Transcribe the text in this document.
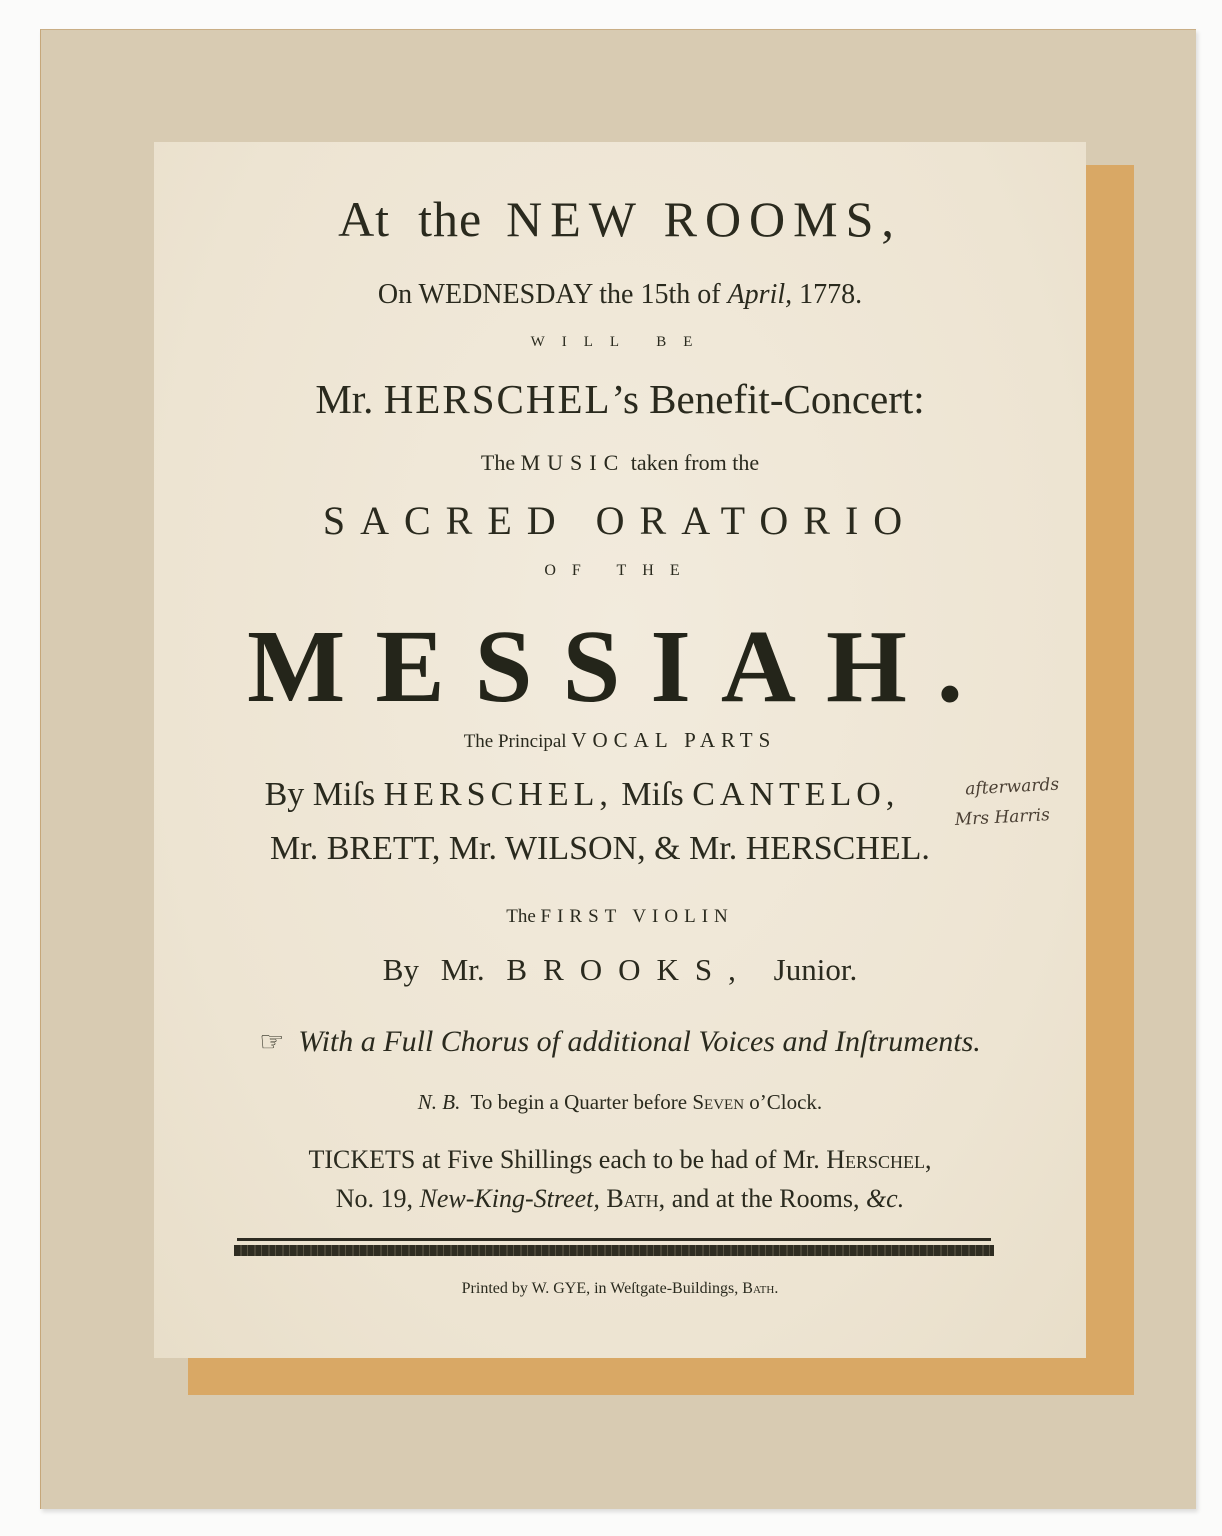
At the NEW ROOMS,
On WEDNESDAY the 15th of April, 1778.
WILL BE
Mr. HERSCHEL’s Benefit-Concert:
The MUSIC taken from the
SACRED ORATORIO
OF THE
MESSIAH.
The Principal VOCAL PARTS
By Miſs HERSCHEL, Miſs CANTELO,
Mr. BRETT, Mr. WILSON, & Mr. HERSCHEL.
The FIRST VIOLIN
By Mr. BROOKS, Junior.
☞ With a Full Chorus of additional Voices and Inſtruments.
N. B.  To begin a Quarter before Seven o’Clock.
TICKETS at Five Shillings each to be had of Mr. Herschel,
No. 19, New-King-Street, Bath, and at the Rooms, &c.
Printed by W. GYE, in Weſtgate-Buildings, Bath.
afterwards
Mrs Harris
